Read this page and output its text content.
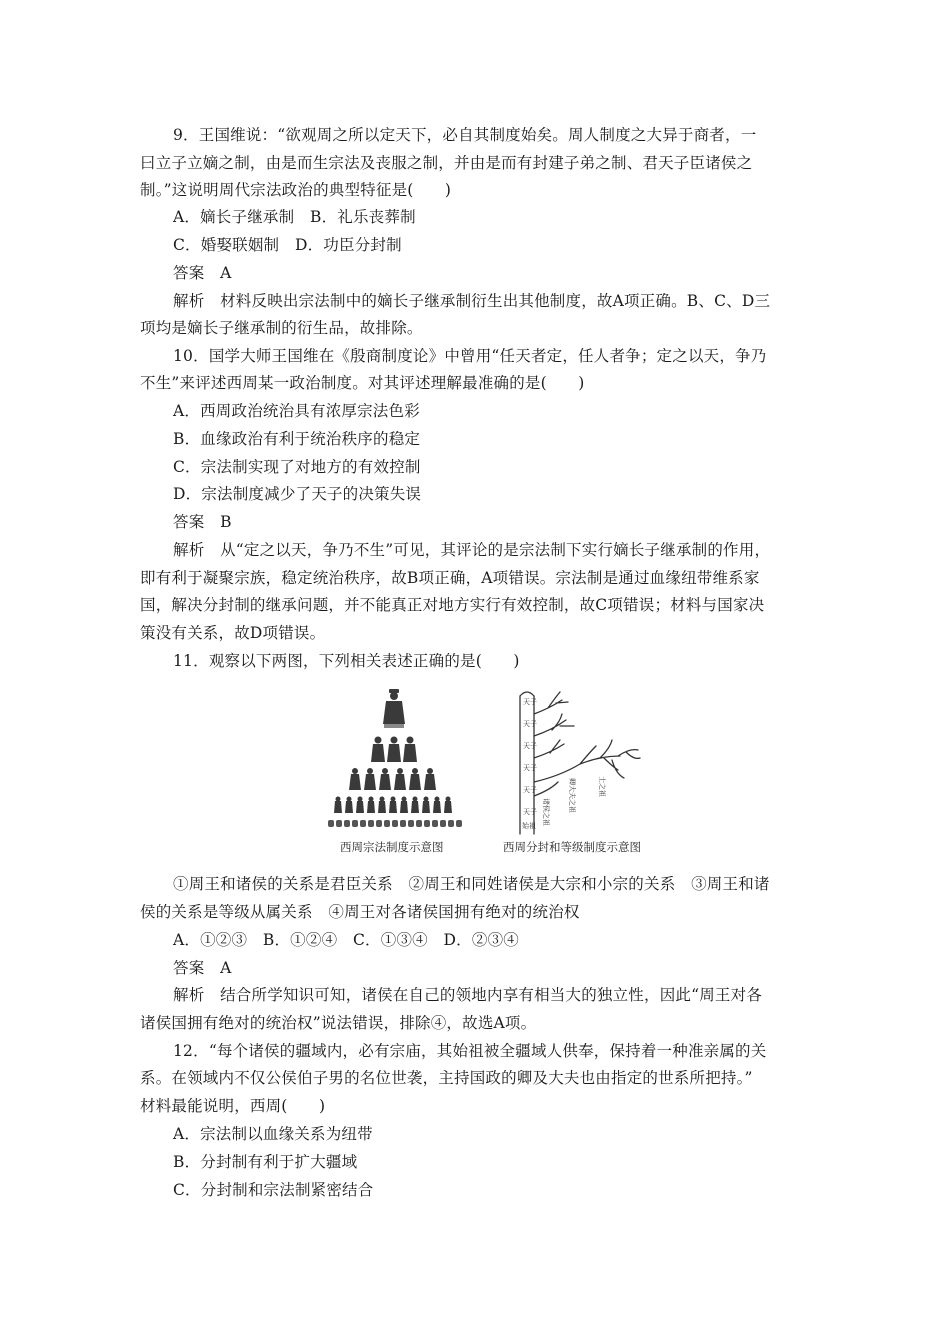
9．王国维说：“欲观周之所以定天下，必自其制度始矣。周人制度之大异于商者，一
曰立子立嫡之制，由是而生宗法及丧服之制，并由是而有封建子弟之制、君天子臣诸侯之
制。”这说明周代宗法政治的典型特征是(　　)
A．嫡长子继承制　B．礼乐丧葬制
C．婚娶联姻制　D．功臣分封制
答案　A
解析　材料反映出宗法制中的嫡长子继承制衍生出其他制度，故A项正确。B、C、D三
项均是嫡长子继承制的衍生品，故排除。
10．国学大师王国维在《殷商制度论》中曾用“任天者定，任人者争；定之以天，争乃
不生”来评述西周某一政治制度。对其评述理解最准确的是(　　)
A．西周政治统治具有浓厚宗法色彩
B．血缘政治有利于统治秩序的稳定
C．宗法制实现了对地方的有效控制
D．宗法制度减少了天子的决策失误
答案　B
解析　从“定之以天，争乃不生”可见，其评论的是宗法制下实行嫡长子继承制的作用，
即有利于凝聚宗族，稳定统治秩序，故B项正确，A项错误。宗法制是通过血缘纽带维系家
国，解决分封制的继承问题，并不能真正对地方实行有效控制，故C项错误；材料与国家决
策没有关系，故D项错误。
11．观察以下两图，下列相关表述正确的是(　　)
西周宗法制度示意图
天子
天子
天子
天子
天子
天子
始祖 诸侯之祖	卿大夫之祖	士之祖
西周分封和等级制度示意图
①周王和诸侯的关系是君臣关系　②周王和同姓诸侯是大宗和小宗的关系　③周王和诸
侯的关系是等级从属关系　④周王对各诸侯国拥有绝对的统治权
A．①②③　B．①②④　C．①③④　D．②③④
答案　A
解析　结合所学知识可知，诸侯在自己的领地内享有相当大的独立性，因此“周王对各
诸侯国拥有绝对的统治权”说法错误，排除④，故选A项。
12．“每个诸侯的疆域内，必有宗庙，其始祖被全疆域人供奉，保持着一种准亲属的关
系。在领域内不仅公侯伯子男的名位世袭，主持国政的卿及大夫也由指定的世系所把持。”
材料最能说明，西周(　　)
A．宗法制以血缘关系为纽带
B．分封制有利于扩大疆域
C．分封制和宗法制紧密结合
